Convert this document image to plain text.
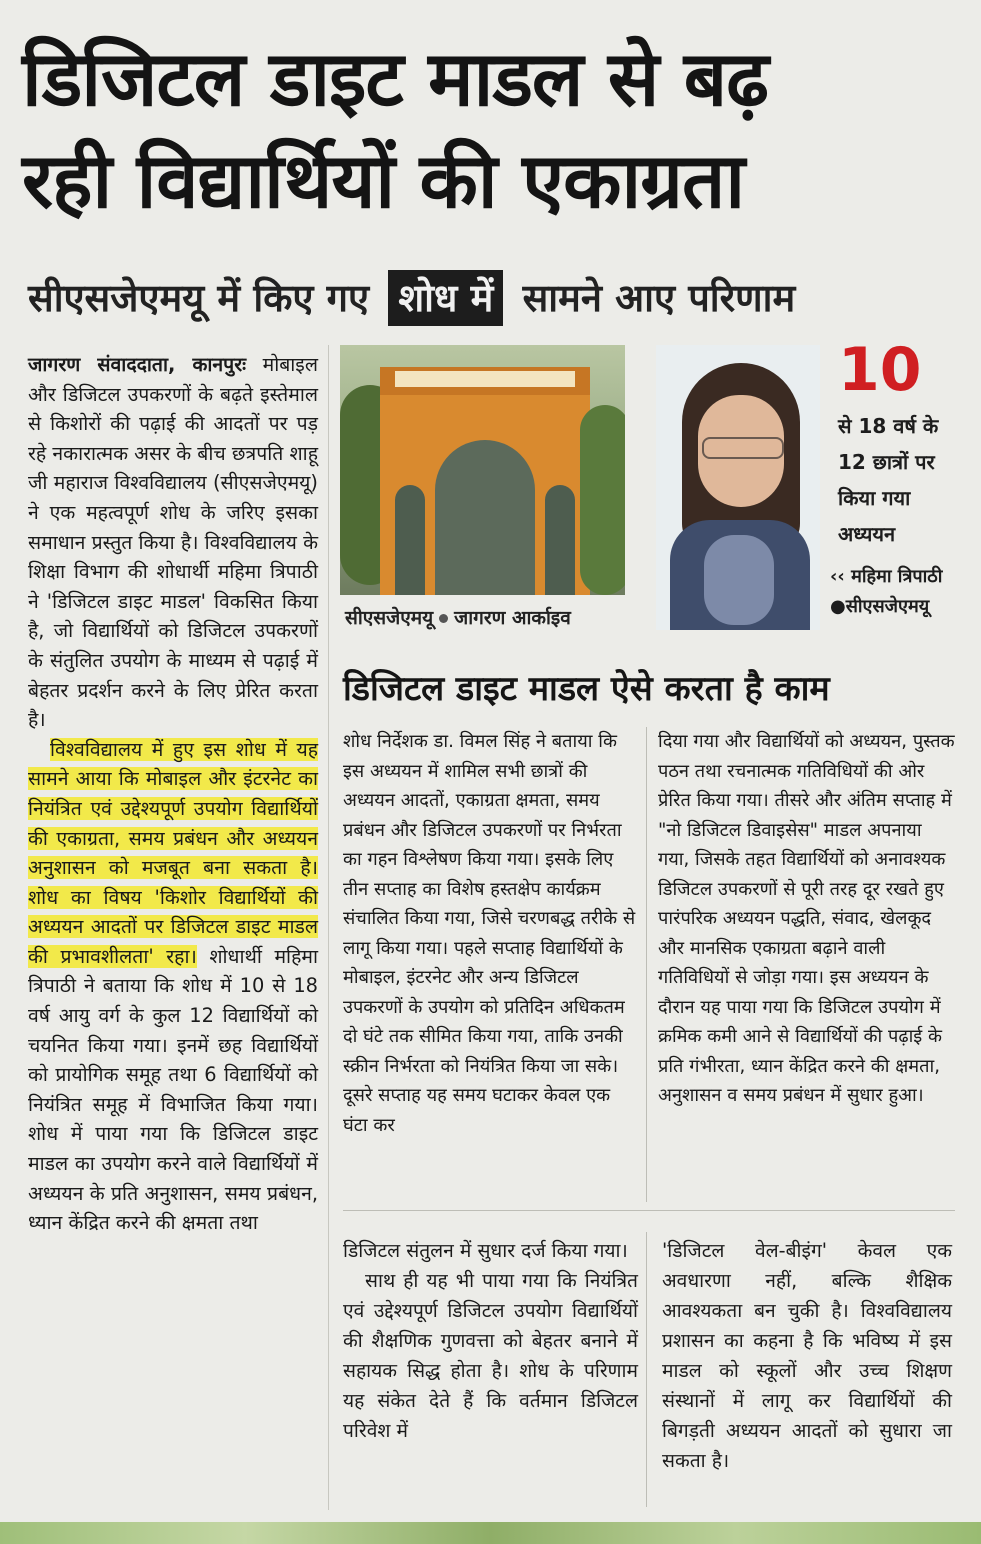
डिजिटल डाइट माडल से बढ़
रही विद्यार्थियों की एकाग्रता
सीएसजेएमयू में किए गए शोध में सामने आए परिणाम
जागरण संवाददाता, कानपुरः मोबाइल और डिजिटल उपकरणों के बढ़ते इस्तेमाल से किशोरों की पढ़ाई की आदतों पर पड़ रहे नकारात्मक असर के बीच छत्रपति शाहू जी महाराज विश्वविद्यालय (सीएसजेएमयू) ने एक महत्वपूर्ण शोध के जरिए इसका समाधान प्रस्तुत किया है। विश्वविद्यालय के शिक्षा विभाग की शोधार्थी महिमा त्रिपाठी ने 'डिजिटल डाइट माडल' विकसित किया है, जो विद्यार्थियों को डिजिटल उपकरणों के संतुलित उपयोग के माध्यम से पढ़ाई में बेहतर प्रदर्शन करने के लिए प्रेरित करता है।
विश्वविद्यालय में हुए इस शोध में यह सामने आया कि मोबाइल और इंटरनेट का नियंत्रित एवं उद्देश्यपूर्ण उपयोग विद्यार्थियों की एकाग्रता, समय प्रबंधन और अध्ययन अनुशासन को मजबूत बना सकता है। शोध का विषय 'किशोर विद्यार्थियों की अध्ययन आदतों पर डिजिटल डाइट माडल की प्रभावशीलता' रहा। शोधार्थी महिमा त्रिपाठी ने बताया कि शोध में 10 से 18 वर्ष आयु वर्ग के कुल 12 विद्यार्थियों को चयनित किया गया। इनमें छह विद्यार्थियों को प्रायोगिक समूह तथा 6 विद्यार्थियों को नियंत्रित समूह में विभाजित किया गया। शोध में पाया गया कि डिजिटल डाइट माडल का उपयोग करने वाले विद्यार्थियों में अध्ययन के प्रति अनुशासन, समय प्रबंधन, ध्यान केंद्रित करने की क्षमता तथा
सीएसजेएमयू जागरण आर्काइव
10
से 18 वर्ष के 12 छात्रों पर किया गया अध्ययन
‹‹ महिमा त्रिपाठी
●सीएसजेएमयू
डिजिटल डाइट माडल ऐसे करता है काम
शोध निर्देशक डा. विमल सिंह ने बताया कि इस अध्ययन में शामिल सभी छात्रों की अध्ययन आदतों, एकाग्रता क्षमता, समय प्रबंधन और डिजिटल उपकरणों पर निर्भरता का गहन विश्लेषण किया गया। इसके लिए तीन सप्ताह का विशेष हस्तक्षेप कार्यक्रम संचालित किया गया, जिसे चरणबद्ध तरीके से लागू किया गया। पहले सप्ताह विद्यार्थियों के मोबाइल, इंटरनेट और अन्य डिजिटल उपकरणों के उपयोग को प्रतिदिन अधिकतम दो घंटे तक सीमित किया गया, ताकि उनकी स्क्रीन निर्भरता को नियंत्रित किया जा सके। दूसरे सप्ताह यह समय घटाकर केवल एक घंटा कर
दिया गया और विद्यार्थियों को अध्ययन, पुस्तक पठन तथा रचनात्मक गतिविधियों की ओर प्रेरित किया गया। तीसरे और अंतिम सप्ताह में "नो डिजिटल डिवाइसेस" माडल अपनाया गया, जिसके तहत विद्यार्थियों को अनावश्यक डिजिटल उपकरणों से पूरी तरह दूर रखते हुए पारंपरिक अध्ययन पद्धति, संवाद, खेलकूद और मानसिक एकाग्रता बढ़ाने वाली गतिविधियों से जोड़ा गया। इस अध्ययन के दौरान यह पाया गया कि डिजिटल उपयोग में क्रमिक कमी आने से विद्यार्थियों की पढ़ाई के प्रति गंभीरता, ध्यान केंद्रित करने की क्षमता, अनुशासन व समय प्रबंधन में सुधार हुआ।
डिजिटल संतुलन में सुधार दर्ज किया गया।
साथ ही यह भी पाया गया कि नियंत्रित एवं उद्देश्यपूर्ण डिजिटल उपयोग विद्यार्थियों की शैक्षणिक गुणवत्ता को बेहतर बनाने में सहायक सिद्ध होता है। शोध के परिणाम यह संकेत देते हैं कि वर्तमान डिजिटल परिवेश में
'डिजिटल वेल-बीइंग' केवल एक अवधारणा नहीं, बल्कि शैक्षिक आवश्यकता बन चुकी है। विश्वविद्यालय प्रशासन का कहना है कि भविष्य में इस माडल को स्कूलों और उच्च शिक्षण संस्थानों में लागू कर विद्यार्थियों की बिगड़ती अध्ययन आदतों को सुधारा जा सकता है।
